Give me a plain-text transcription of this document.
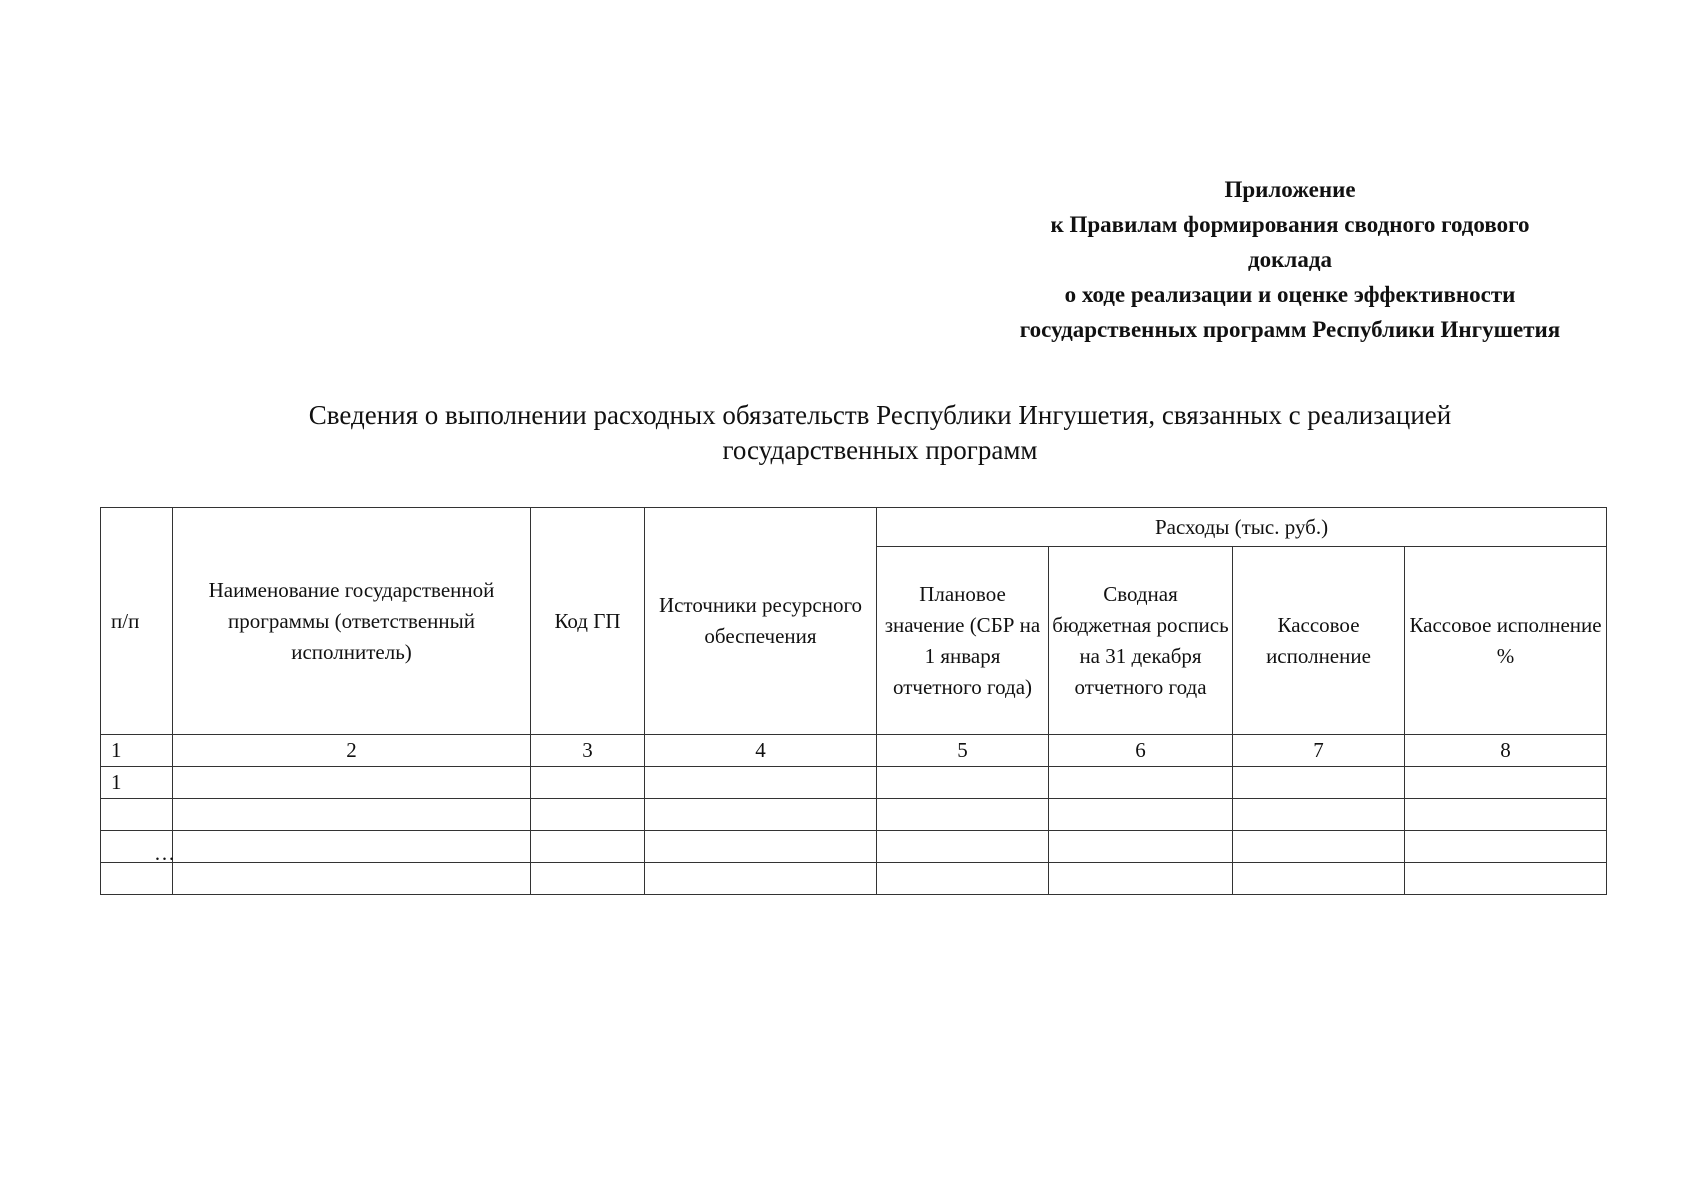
Приложение
к Правилам формирования сводного годового
доклада
о ходе реализации и оценке эффективности
государственных программ Республики Ингушетия
Сведения о выполнении расходных обязательств Республики Ингушетия, связанных с реализацией
государственных программ
п/п	Наименование государственной программы (ответственный исполнитель)	Код ГП	Источники ресурсного обеспечения	Расходы (тыс. руб.)			
				Плановое значение (СБР на 1 января отчетного года)	Сводная бюджетная роспись на 31 декабря отчетного года	Кассовое исполнение	Кассовое исполнение %
1	2	3	4	5	6	7	8
1							

…
